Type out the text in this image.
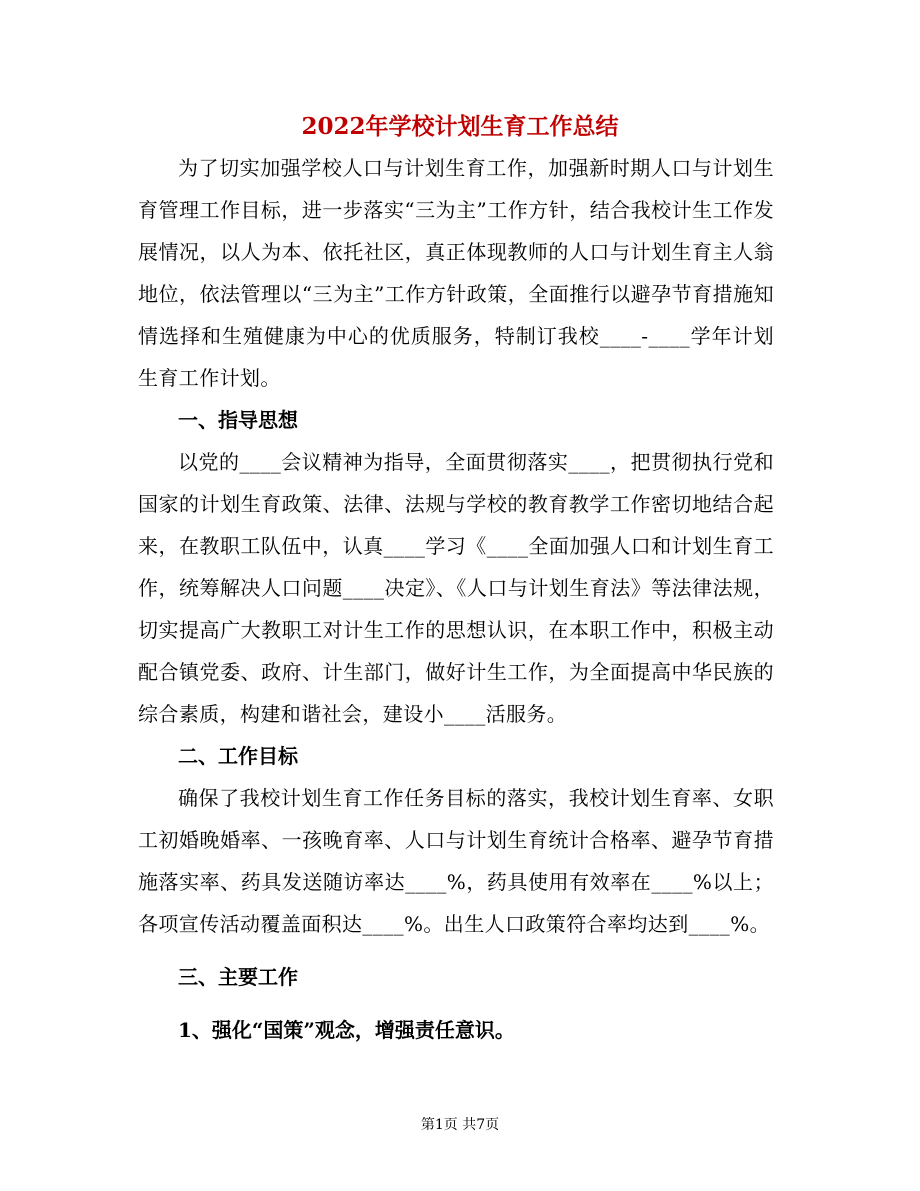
2022年学校计划生育工作总结

为了切实加强学校人口与计划生育工作，加强新时期人口与计划生育管理工作目标，进一步落实“三为主”工作方针，结合我校计生工作发展情况，以人为本、依托社区，真正体现教师的人口与计划生育主人翁地位，依法管理以“三为主”工作方针政策，全面推行以避孕节育措施知情选择和生殖健康为中心的优质服务，特制订我校____-____学年计划生育工作计划。

一、指导思想

以党的____会议精神为指导，全面贯彻落实____，把贯彻执行党和国家的计划生育政策、法律、法规与学校的教育教学工作密切地结合起来，在教职工队伍中，认真____学习《____全面加强人口和计划生育工作，统筹解决人口问题____决定》、《人口与计划生育法》等法律法规，切实提高广大教职工对计生工作的思想认识，在本职工作中，积极主动配合镇党委、政府、计生部门，做好计生工作，为全面提高中华民族的综合素质，构建和谐社会，建设小____活服务。

二、工作目标

确保了我校计划生育工作任务目标的落实，我校计划生育率、女职工初婚晚婚率、一孩晚育率、人口与计划生育统计合格率、避孕节育措施落实率、药具发送随访率达____%，药具使用有效率在____%以上；各项宣传活动覆盖面积达____%。出生人口政策符合率均达到____%。

三、主要工作

1、强化“国策”观念，增强责任意识。

第1页 共7页
